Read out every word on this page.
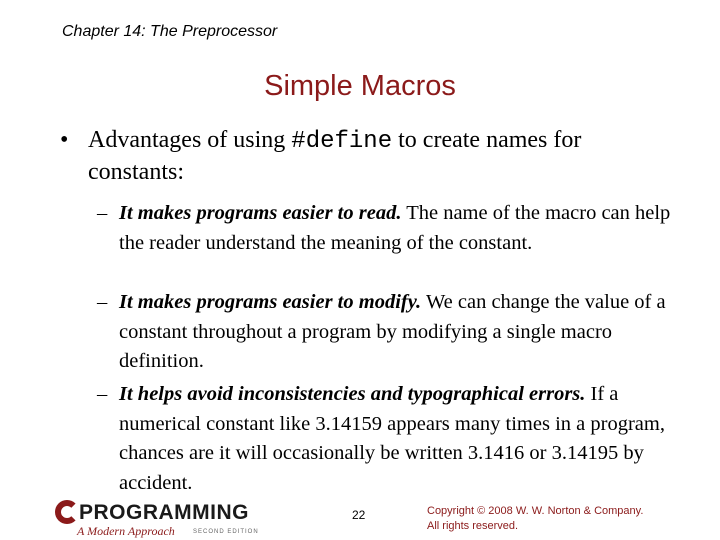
Chapter 14: The Preprocessor
Simple Macros
• Advantages of using #define to create names for constants:
– It makes programs easier to read. The name of the macro can help the reader understand the meaning of the constant.
– It makes programs easier to modify. We can change the value of a constant throughout a program by modifying a single macro definition.
– It helps avoid inconsistencies and typographical errors. If a numerical constant like 3.14159 appears many times in a program, chances are it will occasionally be written 3.1416 or 3.14195 by accident.
PROGRAMMING
A Modern Approach	SECOND EDITION
22	Copyright © 2008 W. W. Norton & Company.
All rights reserved.
